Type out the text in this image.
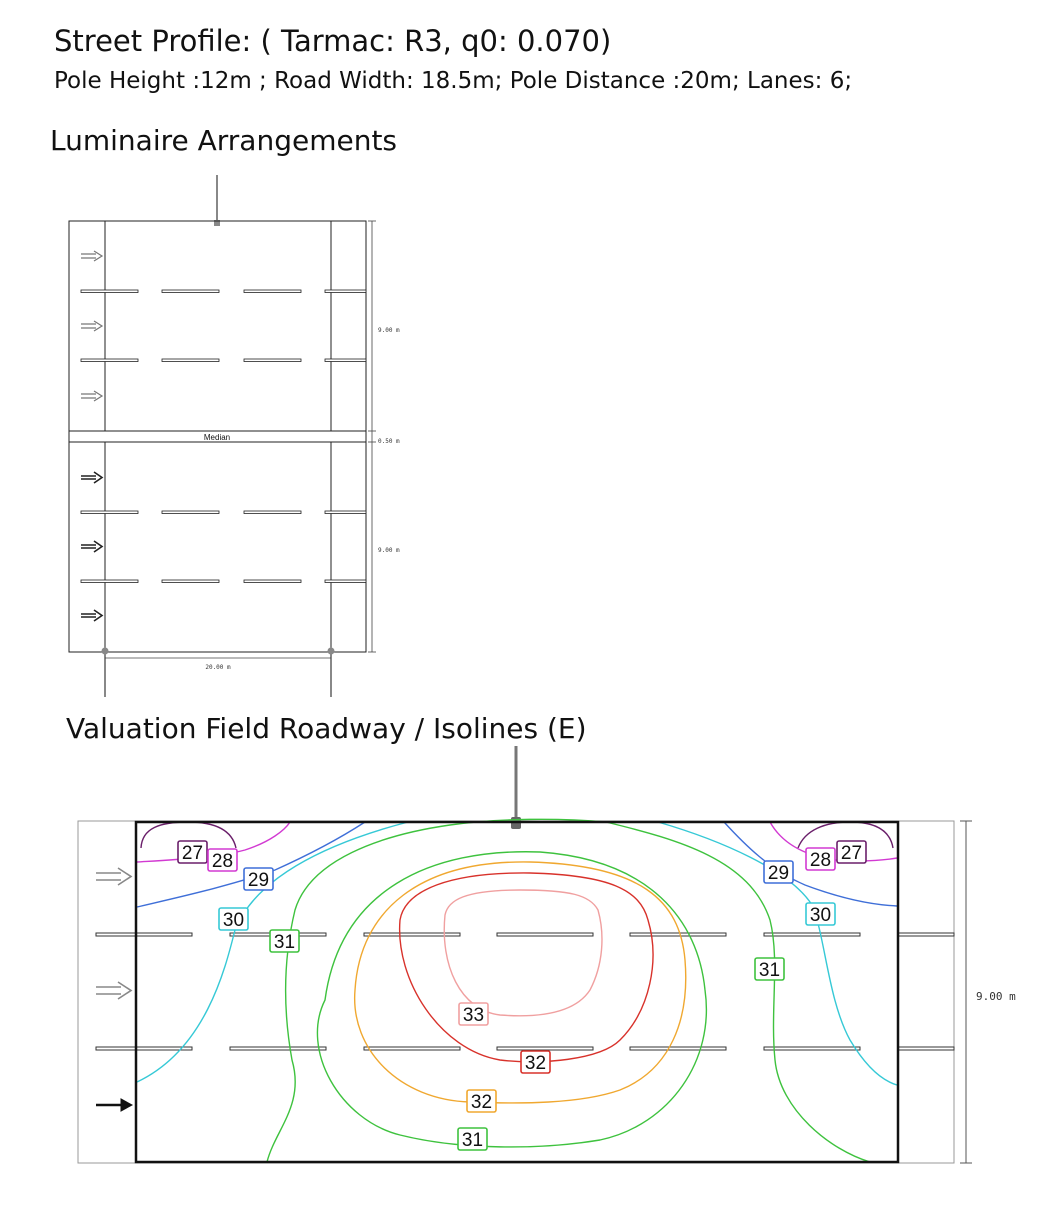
Street Profile: ( Tarmac: R3, q0: 0.070)
Pole Height :12m ; Road Width: 18.5m; Pole Distance :20m; Lanes: 6;
Luminaire Arrangements
Valuation Field Roadway / Isolines (E)
Median
9.00 m
0.50 m
9.00 m
20.00 m
9.00 m
27 28
29
30
31
28 27
29
30
31
33
32
32
31
